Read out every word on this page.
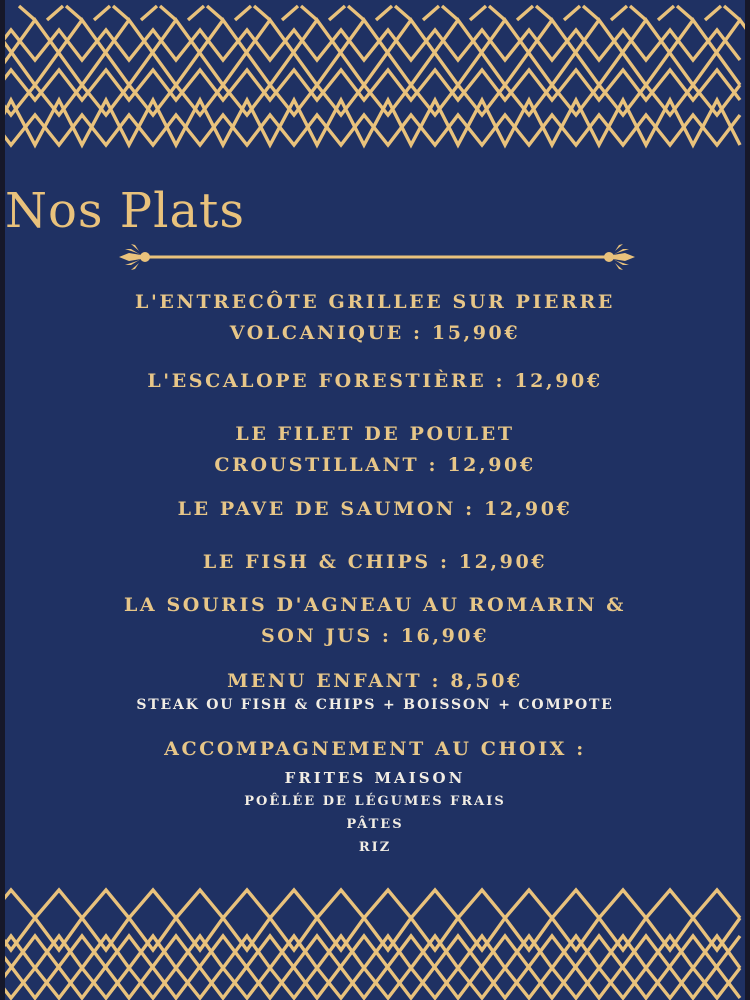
Nos Plats
L'ENTRECÔTE GRILLEE SUR PIERRE
VOLCANIQUE : 15,90€
L'ESCALOPE FORESTIÈRE : 12,90€
LE FILET DE POULET
CROUSTILLANT : 12,90€
LE PAVE DE SAUMON : 12,90€
LE FISH & CHIPS : 12,90€
LA SOURIS D'AGNEAU AU ROMARIN &
SON JUS : 16,90€
MENU ENFANT : 8,50€
STEAK OU FISH & CHIPS + BOISSON + COMPOTE
ACCOMPAGNEMENT AU CHOIX :
FRITES MAISON
POÊLÉE DE LÉGUMES FRAIS
PÂTES
RIZ
